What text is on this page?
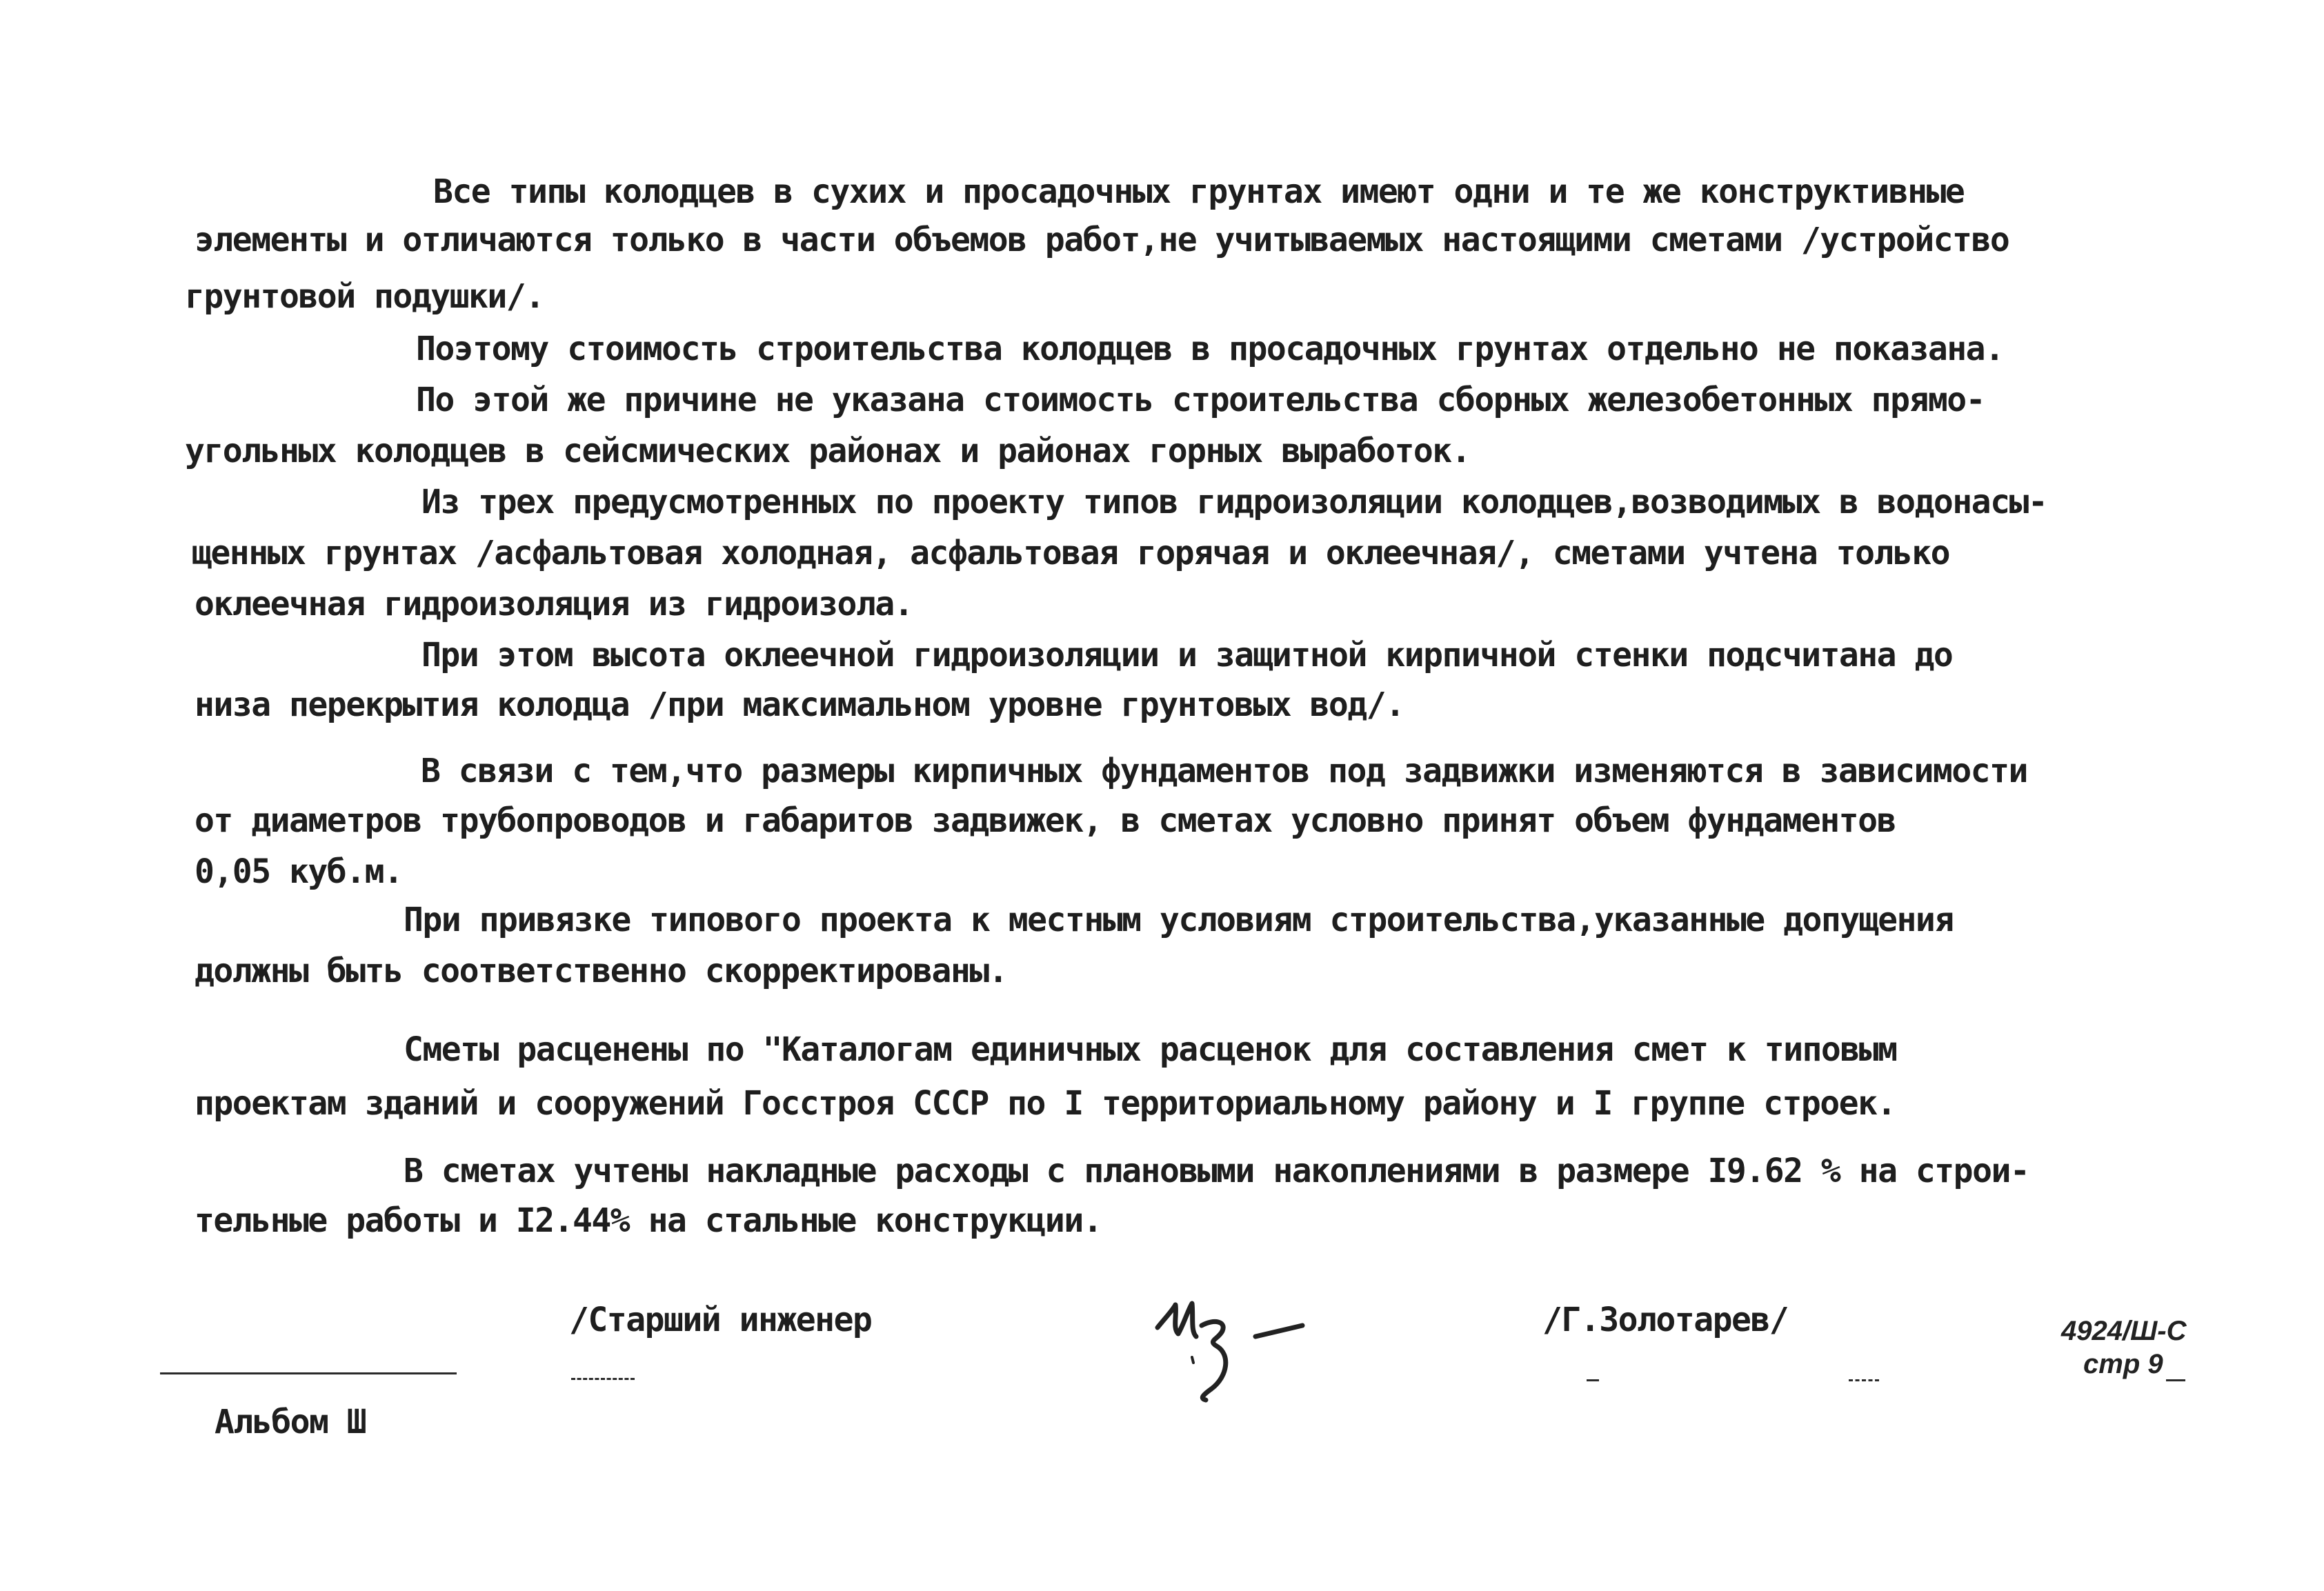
Все типы колодцев в сухих и просадочных грунтах имеют одни и те же конструктивные
элементы и отличаются только в части объемов работ,не учитываемых настоящими сметами /устройство
грунтовой подушки/.
Поэтому стоимость строительства колодцев в просадочных грунтах отдельно не показана.
По этой же причине не указана стоимость строительства сборных железобетонных прямо-
угольных колодцев в сейсмических районах и районах горных выработок.
Из трех предусмотренных по проекту типов гидроизоляции колодцев,возводимых в водонасы-
щенных грунтах /асфальтовая холодная, асфальтовая горячая и оклеечная/, сметами учтена только
оклеечная гидроизоляция из гидроизола.
При этом высота оклеечной гидроизоляции и защитной кирпичной стенки подсчитана до
низа перекрытия колодца /при максимальном уровне грунтовых вод/.
В связи с тем,что размеры кирпичных фундаментов под задвижки изменяются в зависимости
от диаметров трубопроводов и габаритов задвижек, в сметах условно принят объем фундаментов
0,05 куб.м.
При привязке типового проекта к местным условиям строительства,указанные допущения
должны быть соответственно скорректированы.
Сметы расценены по "Каталогам единичных расценок для составления смет к типовым
проектам зданий и сооружений Госстроя СССР по I территориальному району и I группе строек.
В сметах учтены накладные расходы с плановыми накоплениями в размере I9.62 % на строи-
тельные работы и I2.44% на стальные конструкции.
/Старший инженер	/Г.Золотарев/
Альбом Ш
4924/Ш-С
стр 9
